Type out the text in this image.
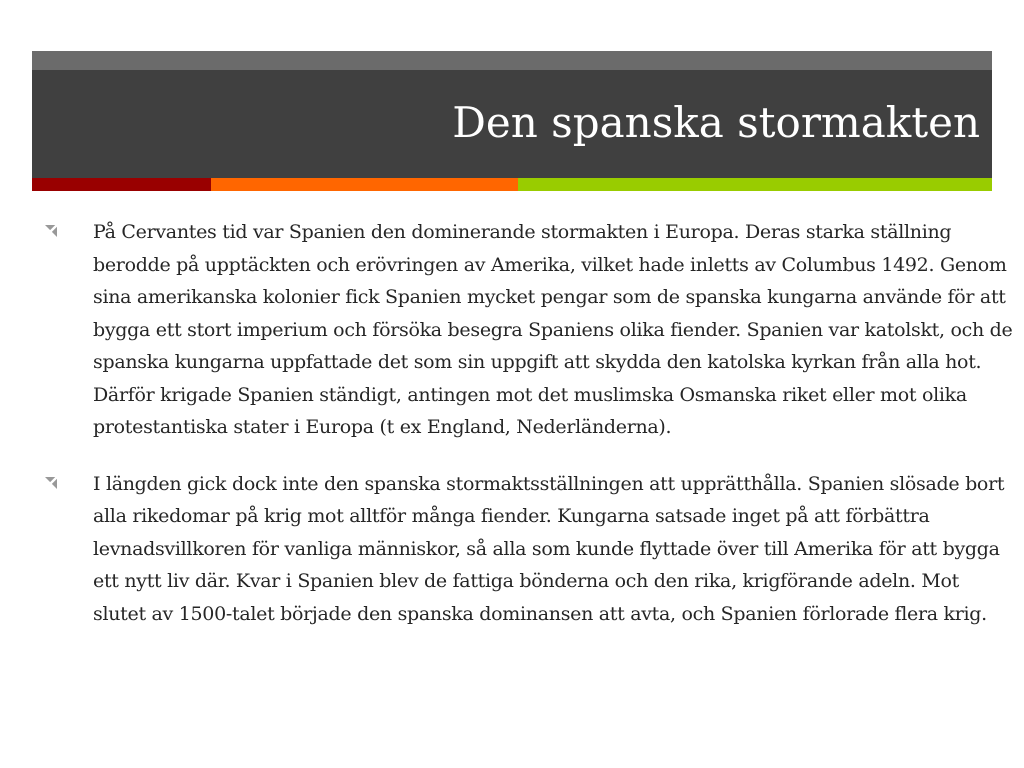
Den spanska stormakten

På Cervantes tid var Spanien den dominerande stormakten i Europa. Deras starka ställning berodde på upptäckten och erövringen av Amerika, vilket hade inletts av Columbus 1492. Genom sina amerikanska kolonier fick Spanien mycket pengar som de spanska kungarna använde för att bygga ett stort imperium och försöka besegra Spaniens olika fiender. Spanien var katolskt, och de spanska kungarna uppfattade det som sin uppgift att skydda den katolska kyrkan från alla hot. Därför krigade Spanien ständigt, antingen mot det muslimska Osmanska riket eller mot olika protestantiska stater i Europa (t ex England, Nederländerna).

I längden gick dock inte den spanska stormaktsställningen att upprätthålla. Spanien slösade bort alla rikedomar på krig mot alltför många fiender. Kungarna satsade inget på att förbättra levnadsvillkoren för vanliga människor, så alla som kunde flyttade över till Amerika för att bygga ett nytt liv där. Kvar i Spanien blev de fattiga bönderna och den rika, krigförande adeln. Mot slutet av 1500-talet började den spanska dominansen att avta, och Spanien förlorade flera krig.
